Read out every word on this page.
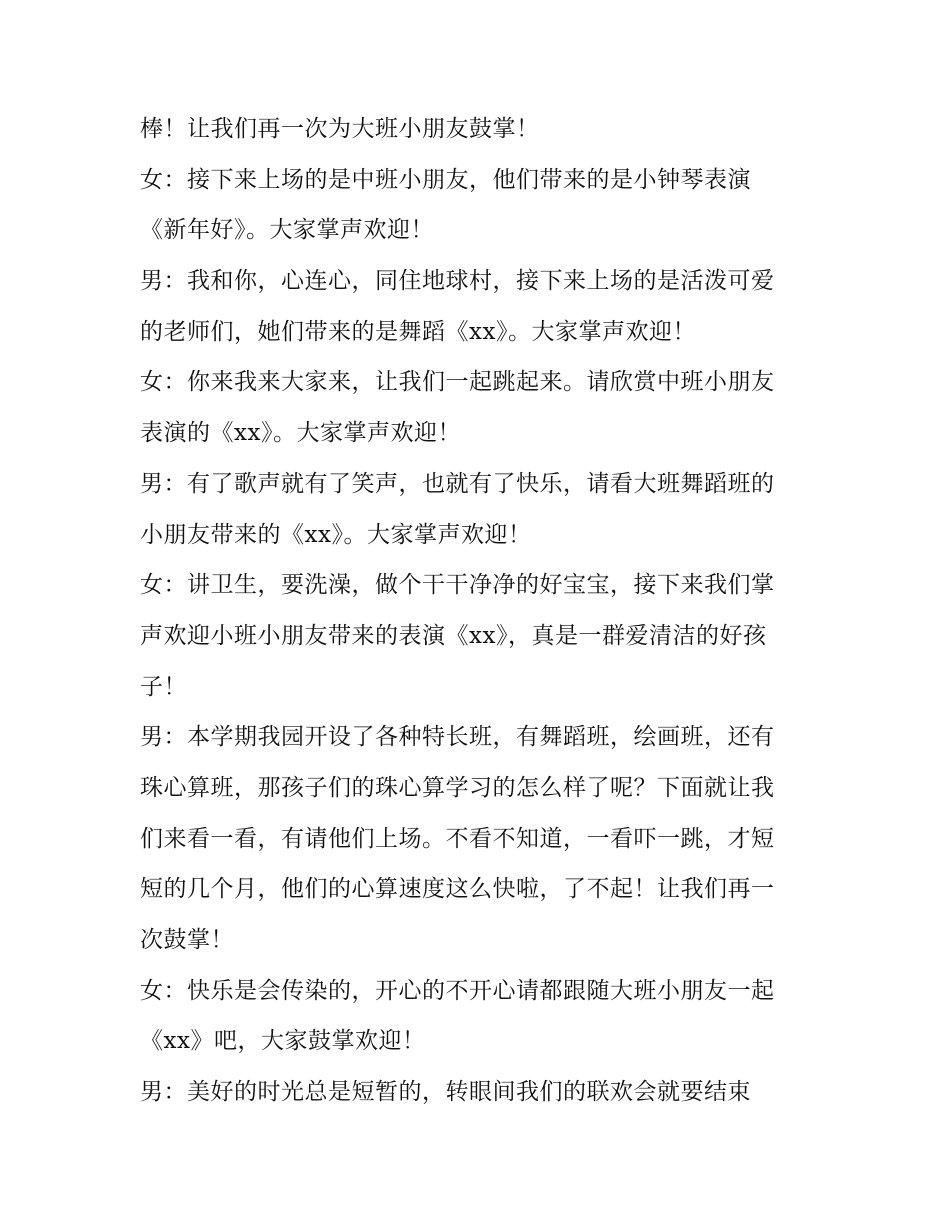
棒！让我们再一次为大班小朋友鼓掌！
女：接下来上场的是中班小朋友，他们带来的是小钟琴表演
《新年好》。大家掌声欢迎！
男：我和你，心连心，同住地球村，接下来上场的是活泼可爱
的老师们，她们带来的是舞蹈《xx》。大家掌声欢迎！
女：你来我来大家来，让我们一起跳起来。请欣赏中班小朋友
表演的《xx》。大家掌声欢迎！
男：有了歌声就有了笑声，也就有了快乐，请看大班舞蹈班的
小朋友带来的《xx》。大家掌声欢迎！
女：讲卫生，要洗澡，做个干干净净的好宝宝，接下来我们掌
声欢迎小班小朋友带来的表演《xx》，真是一群爱清洁的好孩
子！
男：本学期我园开设了各种特长班，有舞蹈班，绘画班，还有
珠心算班，那孩子们的珠心算学习的怎么样了呢？下面就让我
们来看一看，有请他们上场。不看不知道，一看吓一跳，才短
短的几个月，他们的心算速度这么快啦，了不起！让我们再一
次鼓掌！
女：快乐是会传染的，开心的不开心请都跟随大班小朋友一起
《xx》吧，大家鼓掌欢迎！
男：美好的时光总是短暂的，转眼间我们的联欢会就要结束
